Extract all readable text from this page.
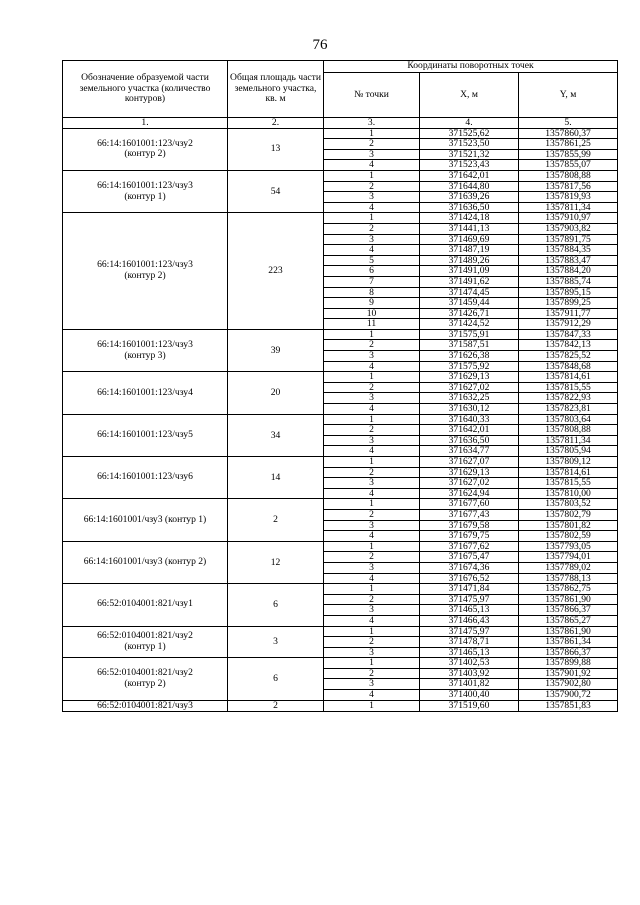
76
Обозначение образуемой части земельного участка (количество контуров)	Общая площадь части земельного участка, кв. м	Координаты поворотных точек		
		№ точки	X, м	Y, м
1.	2.	3.	4.	5.
66:14:1601001:123/чзу2
(контур 2)	13	1	371525,62	1357860,37
		2	371523,50	1357861,25
		3	371521,32	1357855,99
		4	371523,43	1357855,07
66:14:1601001:123/чзу3
(контур 1)	54	1	371642,01	1357808,88
		2	371644,80	1357817,56
		3	371639,26	1357819,93
		4	371636,50	1357811,34
66:14:1601001:123/чзу3
(контур 2)	223	1	371424,18	1357910,97
		2	371441,13	1357903,82
		3	371469,69	1357891,75
		4	371487,19	1357884,35
		5	371489,26	1357883,47
		6	371491,09	1357884,20
		7	371491,62	1357885,74
		8	371474,45	1357895,15
		9	371459,44	1357899,25
		10	371426,71	1357911,77
		11	371424,52	1357912,29
66:14:1601001:123/чзу3
(контур 3)	39	1	371575,91	1357847,33
		2	371587,51	1357842,13
		3	371626,38	1357825,52
		4	371575,92	1357848,68
66:14:1601001:123/чзу4	20	1	371629,13	1357814,61
		2	371627,02	1357815,55
		3	371632,25	1357822,93
		4	371630,12	1357823,81
66:14:1601001:123/чзу5	34	1	371640,33	1357803,64
		2	371642,01	1357808,88
		3	371636,50	1357811,34
		4	371634,77	1357805,94
66:14:1601001:123/чзу6	14	1	371627,07	1357809,12
		2	371629,13	1357814,61
		3	371627,02	1357815,55
		4	371624,94	1357810,00
66:14:1601001/чзу3 (контур 1)	2	1	371677,60	1357803,52
		2	371677,43	1357802,79
		3	371679,58	1357801,82
		4	371679,75	1357802,59
66:14:1601001/чзу3 (контур 2)	12	1	371677,62	1357793,05
		2	371675,47	1357794,01
		3	371674,36	1357789,02
		4	371676,52	1357788,13
66:52:0104001:821/чзу1	6	1	371471,84	1357862,75
		2	371475,97	1357861,90
		3	371465,13	1357866,37
		4	371466,43	1357865,27
66:52:0104001:821/чзу2
(контур 1)	3	1	371475,97	1357861,90
		2	371478,71	1357861,34
		3	371465,13	1357866,37
66:52:0104001:821/чзу2
(контур 2)	6	1	371402,53	1357899,88
		2	371403,92	1357901,92
		3	371401,82	1357902,80
		4	371400,40	1357900,72
66:52:0104001:821/чзу3	2	1	371519,60	1357851,83
